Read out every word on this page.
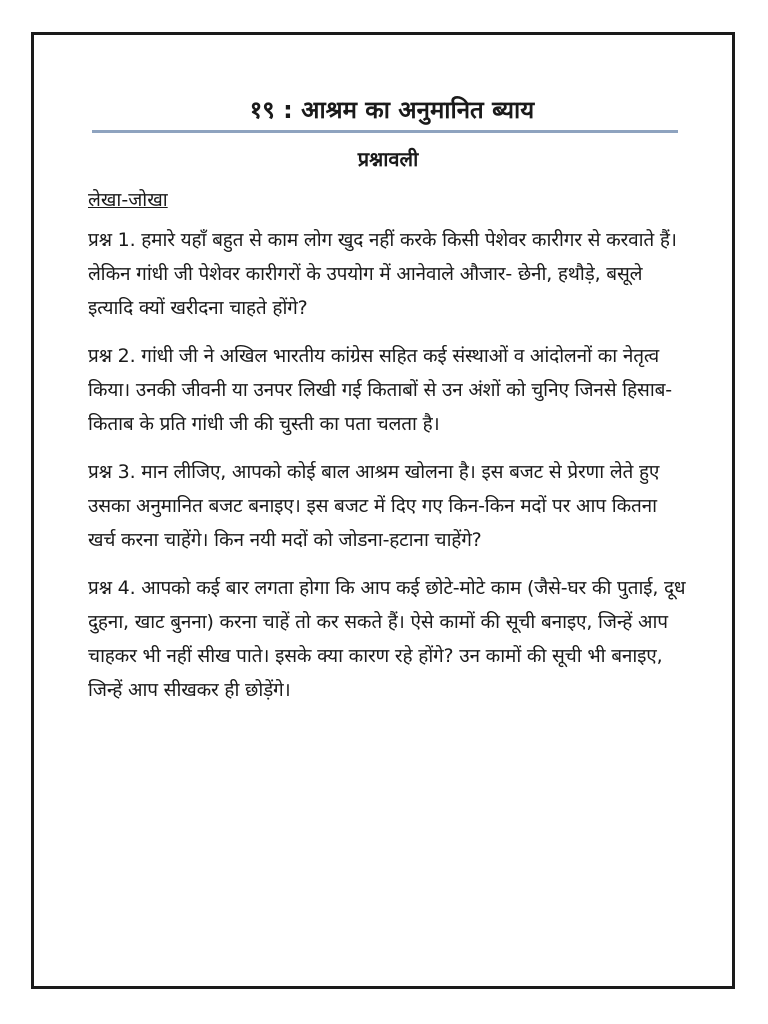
१९ : आश्रम का अनुमानित ब्याय
प्रश्नावली

लेखा-जोखा

प्रश्न 1. हमारे यहाँ बहुत से काम लोग खुद नहीं करके किसी पेशेवर कारीगर से करवाते हैं। लेकिन गांधी जी पेशेवर कारीगरों के उपयोग में आनेवाले औजार- छेनी, हथौड़े, बसूले इत्यादि क्यों खरीदना चाहते होंगे?

प्रश्न 2. गांधी जी ने अखिल भारतीय कांग्रेस सहित कई संस्थाओं व आंदोलनों का नेतृत्व किया। उनकी जीवनी या उनपर लिखी गई किताबों से उन अंशों को चुनिए जिनसे हिसाब-किताब के प्रति गांधी जी की चुस्ती का पता चलता है।

प्रश्न 3. मान लीजिए, आपको कोई बाल आश्रम खोलना है। इस बजट से प्रेरणा लेते हुए उसका अनुमानित बजट बनाइए। इस बजट में दिए गए किन-किन मदों पर आप कितना खर्च करना चाहेंगे। किन नयी मदों को जोडना-हटाना चाहेंगे?

प्रश्न 4. आपको कई बार लगता होगा कि आप कई छोटे-मोटे काम (जैसे-घर की पुताई, दूध दुहना, खाट बुनना) करना चाहें तो कर सकते हैं। ऐसे कामों की सूची बनाइए, जिन्हें आप चाहकर भी नहीं सीख पाते। इसके क्या कारण रहे होंगे? उन कामों की सूची भी बनाइए, जिन्हें आप सीखकर ही छोड़ेंगे।
